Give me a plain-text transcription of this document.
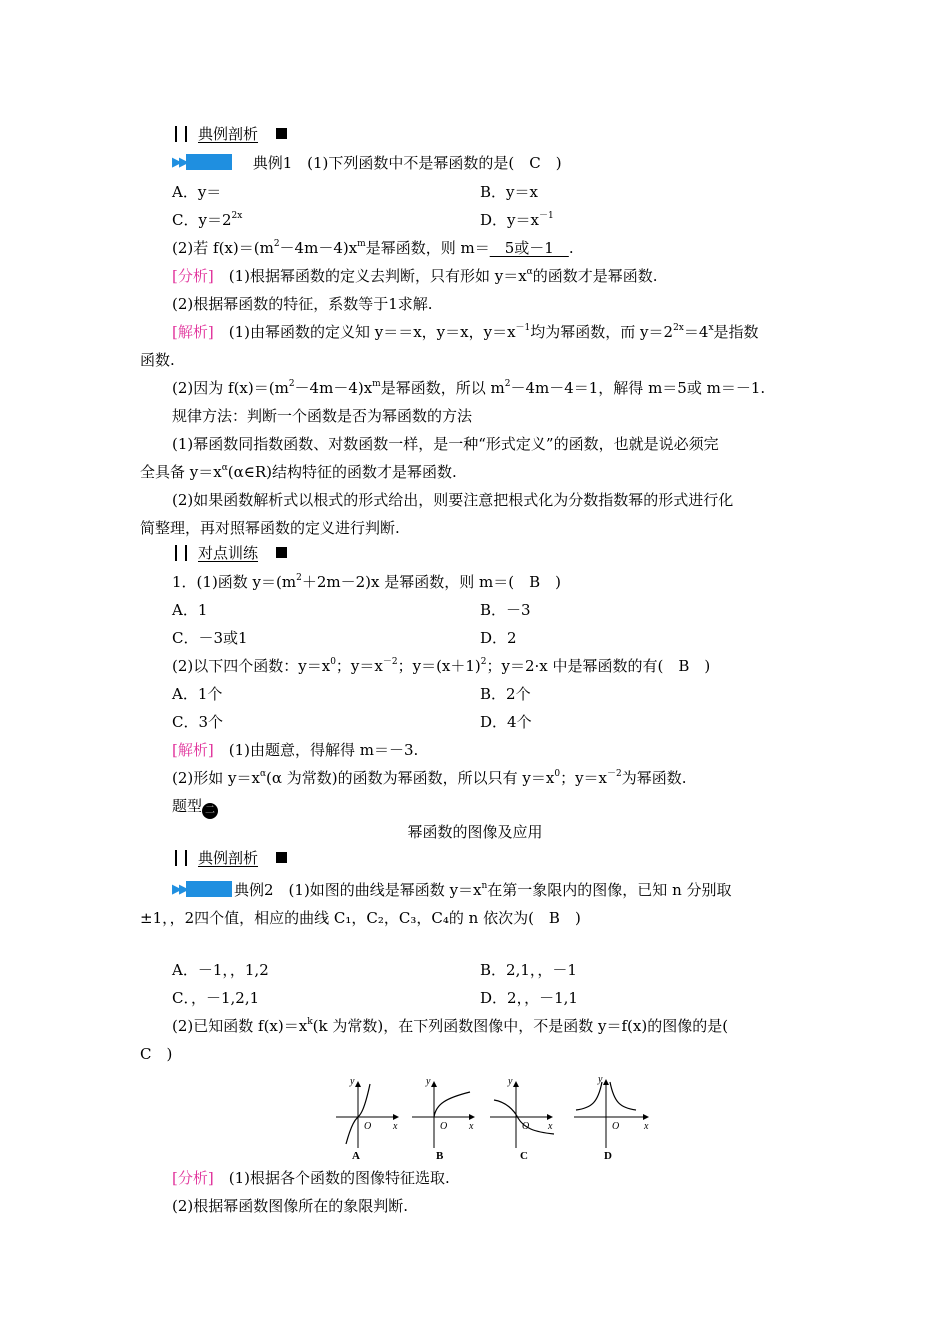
典例剖析
▶▶	典例1 (1)下列函数中不是幂函数的是(　C　)
A．y＝	B．y＝x
C．$y=2^{2x}$	D．$y=x^{-1}$
(2)若 $f(x)=(m^2-4m-4)x^m$是幂函数，则 m＝　5或－1　.
[分析]　(1)根据幂函数的定义去判断，只有形如 $y=x^\alpha$的函数才是幂函数.
(2)根据幂函数的特征，系数等于1求解.
[解析]　(1)由幂函数的定义知 y＝＝x，y＝x，$y=x^{-1}$均为幂函数，而 $y=2^{2x}=4^x$是指数
函数.
(2)因为 $f(x)=(m^2-4m-4)x^m$是幂函数，所以 $m^2-4m-4=1$，解得 m＝5或 m＝－1.
规律方法：判断一个函数是否为幂函数的方法
(1)幂函数同指数函数、对数函数一样，是一种“形式定义”的函数，也就是说必须完
全具备 $y=x^\alpha(\alpha\in R)$结构特征的函数才是幂函数.
(2)如果函数解析式以根式的形式给出，则要注意把根式化为分数指数幂的形式进行化
简整理，再对照幂函数的定义进行判断.
对点训练
1．(1)函数 $y=(m^2+2m-2)x$ 是幂函数，则 m＝(　B　)
A．1	B．－3
C．－3或1	D．2
(2)以下四个函数：$y=x^0$；$y=x^{-2}$；$y=(x+1)^2$；y＝2·x 中是幂函数的有(　B　)
A．1个	B．2个
C．3个	D．4个
[解析]　(1)由题意，得解得 m＝－3.
(2)形如 $y=x^\alpha(\alpha$ 为常数)的函数为幂函数，所以只有 $y=x^0$；$y=x^{-2}$为幂函数.
题型 二
幂函数的图像及应用
典例剖析
▶▶	典例2　(1)如图的曲线是幂函数 $y=x^n$在第一象限内的图像，已知 n 分别取
±1，，2四个值，相应的曲线 C₁，C₂，C₃，C₄的 n 依次为(　B　)
A．－1，，1,2	B．2,1，，－1
C．，－1,2,1	D．2，，－1,1
(2)已知函数 $f(x)=x^k(k$ 为常数)，在下列函数图像中，不是函数 y＝f(x)的图像的是(
C　)
y
x
O
A
y
x
O
B
y
x
O
C
y
x
O
D
[分析]　(1)根据各个函数的图像特征选取.
(2)根据幂函数图像所在的象限判断.
